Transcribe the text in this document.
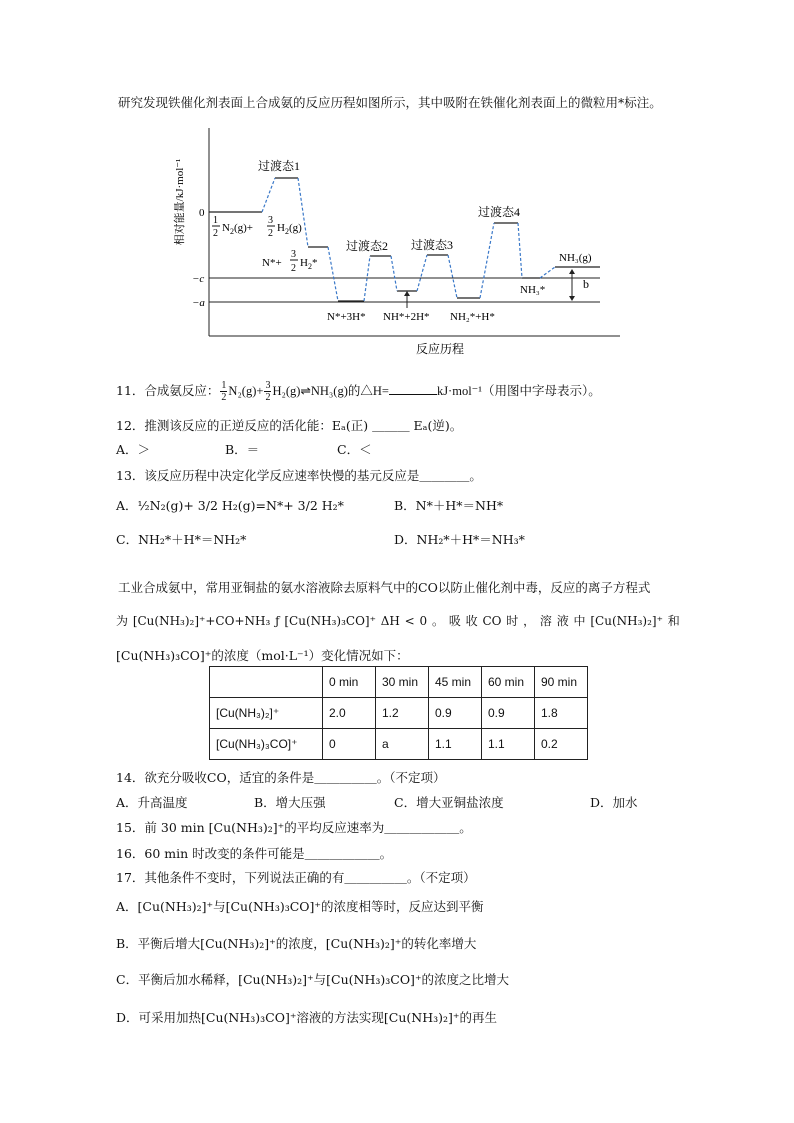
研究发现铁催化剂表面上合成氨的反应历程如图所示，其中吸附在铁催化剂表面上的微粒用*标注。
相对能量/kJ·mol⁻¹
反应历程
0
−c
−a
b
过渡态1
过渡态2 过渡态3
过渡态4
1
2 $N_2(g)+$
3
2 $H_2(g)$
N*+
3
2 $H_2*$
N*+3H* NH*+2H* NH₂*+H*
NH₃*
NH₃(g)
11．合成氨反应： $\frac{1}{2} N_2(g)+ \frac{3}{2}$ H₂(g)⇌NH₃(g)的△H=	kJ·mol⁻¹（用图中字母表示）。
12．推测该反应的正逆反应的活化能：Eₐ(正) ＿＿＿ Eₐ(逆)。
A．＞	B．＝	C．＜
13．该反应历程中决定化学反应速率快慢的基元反应是＿＿＿＿。
A．½N₂(g)+ 3/2 H₂(g)=N*+ 3/2 H₂*	B．N*＋H*＝NH*
C．NH₂*＋H*＝NH₂*	D．NH₂*＋H*＝NH₃*
工业合成氨中，常用亚铜盐的氨水溶液除去原料气中的CO以防止催化剂中毒，反应的离子方程式
为 [Cu(NH₃)₂]⁺+CO+NH₃ ƒ [Cu(NH₃)₃CO]⁺ ΔH < 0 。 吸 收 CO 时 ， 溶 液 中 [Cu(NH₃)₂]⁺ 和
[Cu(NH₃)₃CO]⁺的浓度（mol·L⁻¹）变化情况如下：
	0 min	30 min	45 min	60 min	90 min
[Cu(NH₃)₂]⁺	2.0	1.2	0.9	0.9	1.8
[Cu(NH₃)₃CO]⁺	0	a	1.1	1.1	0.2
14．欲充分吸收CO，适宜的条件是＿＿＿＿＿。（不定项）
A．升高温度	B．增大压强	C．增大亚铜盐浓度	D．加水
15．前 30 min [Cu(NH₃)₂]⁺的平均反应速率为＿＿＿＿＿＿。
16．60 min 时改变的条件可能是＿＿＿＿＿＿。
17．其他条件不变时，下列说法正确的有＿＿＿＿＿。（不定项）
A．[Cu(NH₃)₂]⁺与[Cu(NH₃)₃CO]⁺的浓度相等时，反应达到平衡
B．平衡后增大[Cu(NH₃)₂]⁺的浓度，[Cu(NH₃)₂]⁺的转化率增大
C．平衡后加水稀释，[Cu(NH₃)₂]⁺与[Cu(NH₃)₃CO]⁺的浓度之比增大
D．可采用加热[Cu(NH₃)₃CO]⁺溶液的方法实现[Cu(NH₃)₂]⁺的再生
